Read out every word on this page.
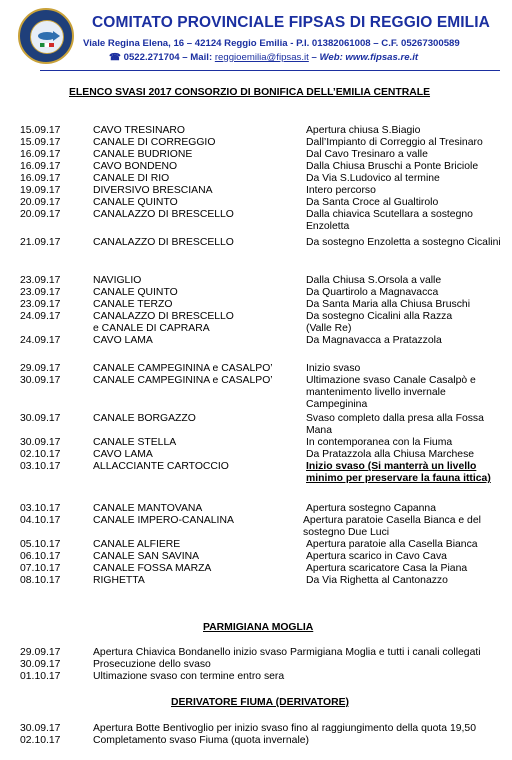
COMITATO PROVINCIALE FIPSAS DI REGGIO EMILIA
Viale Regina Elena, 16 – 42124 Reggio Emilia - P.I. 01382061008 – C.F. 05267300589
☎ 0522.271704 – Mail: reggioemilia@fipsas.it – Web: www.fipsas.re.it
ELENCO SVASI 2017 CONSORZIO DI BONIFICA DELL’EMILIA CENTRALE
15.09.17	CAVO TRESINARO	Apertura chiusa S.Biagio
15.09.17	CANALE DI CORREGGIO	Dall’Impianto di Correggio al Tresinaro
16.09.17	CANALE BUDRIONE	Dal Cavo Tresinaro a valle
16.09.17	CAVO BONDENO	Dalla Chiusa Bruschi a Ponte Briciole
16.09.17	CANALE DI RIO	Da Via S.Ludovico al termine
19.09.17	DIVERSIVO BRESCIANA	Intero percorso
20.09.17	CANALE QUINTO	Da Santa Croce al Gualtirolo
20.09.17	CANALAZZO DI BRESCELLO	Dalla chiavica Scutellara a sostegno Enzoletta
21.09.17	CANALAZZO DI BRESCELLO	Da sostegno Enzoletta a sostegno Cicalini
23.09.17	NAVIGLIO	Dalla Chiusa S.Orsola a valle
23.09.17	CANALE QUINTO	Da Quartirolo a Magnavacca
23.09.17	CANALE TERZO	Da Santa Maria alla Chiusa Bruschi
24.09.17	CANALAZZO DI BRESCELLO	Da sostegno Cicalini alla Razza
e CANALE DI CAPRARA	(Valle Re)
24.09.17	CAVO LAMA	Da Magnavacca a Pratazzola
29.09.17	CANALE CAMPEGININA e CASALPO’	Inizio svaso
30.09.17	CANALE CAMPEGININA e CASALPO’	Ultimazione svaso Canale Casalpò e mantenimento livello invernale Campeginina
30.09.17	CANALE BORGAZZO	Svaso completo dalla presa alla Fossa Mana
30.09.17	CANALE STELLA	In contemporanea con la Fiuma
02.10.17	CAVO LAMA	Da Pratazzola alla Chiusa Marchese
03.10.17	ALLACCIANTE CARTOCCIO	Inizio svaso (Si manterrà un livello minimo per preservare la fauna ittica)
03.10.17	CANALE MANTOVANA	Apertura sostegno Capanna
04.10.17	CANALE IMPERO-CANALINA	Apertura paratoie Casella Bianca e del sostegno Due Luci
05.10.17	CANALE ALFIERE	Apertura paratoie alla Casella Bianca
06.10.17	CANALE SAN SAVINA	Apertura scarico in Cavo Cava
07.10.17	CANALE FOSSA MARZA	Apertura scaricatore Casa la Piana
08.10.17	RIGHETTA	Da Via Righetta al Cantonazzo
PARMIGIANA MOGLIA
29.09.17	Apertura Chiavica Bondanello inizio svaso Parmigiana Moglia e tutti i canali collegati
30.09.17	Prosecuzione dello svaso
01.10.17	Ultimazione svaso con termine entro sera
DERIVATORE FIUMA (DERIVATORE)
30.09.17	Apertura Botte Bentivoglio per inizio svaso fino al raggiungimento della quota 19,50
02.10.17	Completamento svaso Fiuma (quota invernale)
